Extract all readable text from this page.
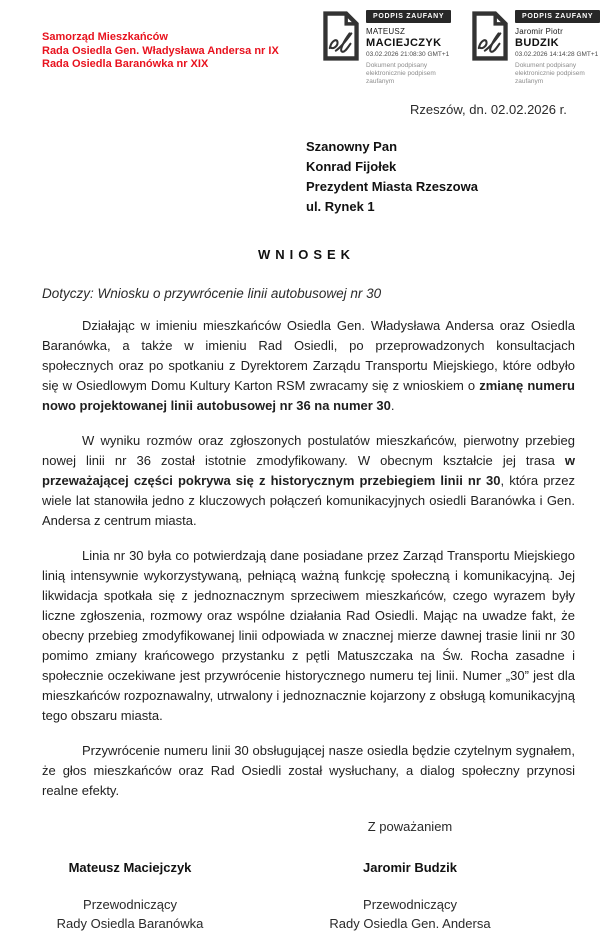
Samorząd Mieszkańców
Rada Osiedla Gen. Władysława Andersa nr IX
Rada Osiedla Baranówka nr XIX
PODPIS ZAUFANY
MATEUSZ
MACIEJCZYK
03.02.2026 21:08:30 GMT+1
Dokument podpisany elektronicznie podpisem zaufanym
PODPIS ZAUFANY
Jaromir Piotr
BUDZIK
03.02.2026 14:14:28 GMT+1
Dokument podpisany elektronicznie podpisem zaufanym
Rzeszów, dn. 02.02.2026 r.
Szanowny Pan
Konrad Fijołek
Prezydent Miasta Rzeszowa
ul. Rynek 1
WNIOSEK
Dotyczy: Wniosku o przywrócenie linii autobusowej nr 30

Działając w imieniu mieszkańców Osiedla Gen. Władysława Andersa oraz Osiedla Baranówka, a także w imieniu Rad Osiedli, po przeprowadzonych konsultacjach społecznych oraz po spotkaniu z Dyrektorem Zarządu Transportu Miejskiego, które odbyło się w Osiedlowym Domu Kultury Karton RSM zwracamy się z wnioskiem o zmianę numeru nowo projektowanej linii autobusowej nr 36 na numer 30.

W wyniku rozmów oraz zgłoszonych postulatów mieszkańców, pierwotny przebieg nowej linii nr 36 został istotnie zmodyfikowany. W obecnym kształcie jej trasa w przeważającej części pokrywa się z historycznym przebiegiem linii nr 30, która przez wiele lat stanowiła jedno z kluczowych połączeń komunikacyjnych osiedli Baranówka i Gen. Andersa z centrum miasta.

Linia nr 30 była co potwierdzają dane posiadane przez Zarząd Transportu Miejskiego linią intensywnie wykorzystywaną, pełniącą ważną funkcję społeczną i komunikacyjną. Jej likwidacja spotkała się z jednoznacznym sprzeciwem mieszkańców, czego wyrazem były liczne zgłoszenia, rozmowy oraz wspólne działania Rad Osiedli. Mając na uwadze fakt, że obecny przebieg zmodyfikowanej linii odpowiada w znacznej mierze dawnej trasie linii nr 30 pomimo zmiany krańcowego przystanku z pętli Matuszczaka na Św. Rocha zasadne i społecznie oczekiwane jest przywrócenie historycznego numeru tej linii. Numer „30” jest dla mieszkańców rozpoznawalny, utrwalony i jednoznacznie kojarzony z obsługą komunikacyjną tego obszaru miasta.

Przywrócenie numeru linii 30 obsługującej nasze osiedla będzie czytelnym sygnałem, że głos mieszkańców oraz Rad Osiedli został wysłuchany, a dialog społeczny przynosi realne efekty.

Z poważaniem
Mateusz Maciejczyk
Przewodniczący
Rady Osiedla Baranówka
Jaromir Budzik
Przewodniczący
Rady Osiedla Gen. Andersa
